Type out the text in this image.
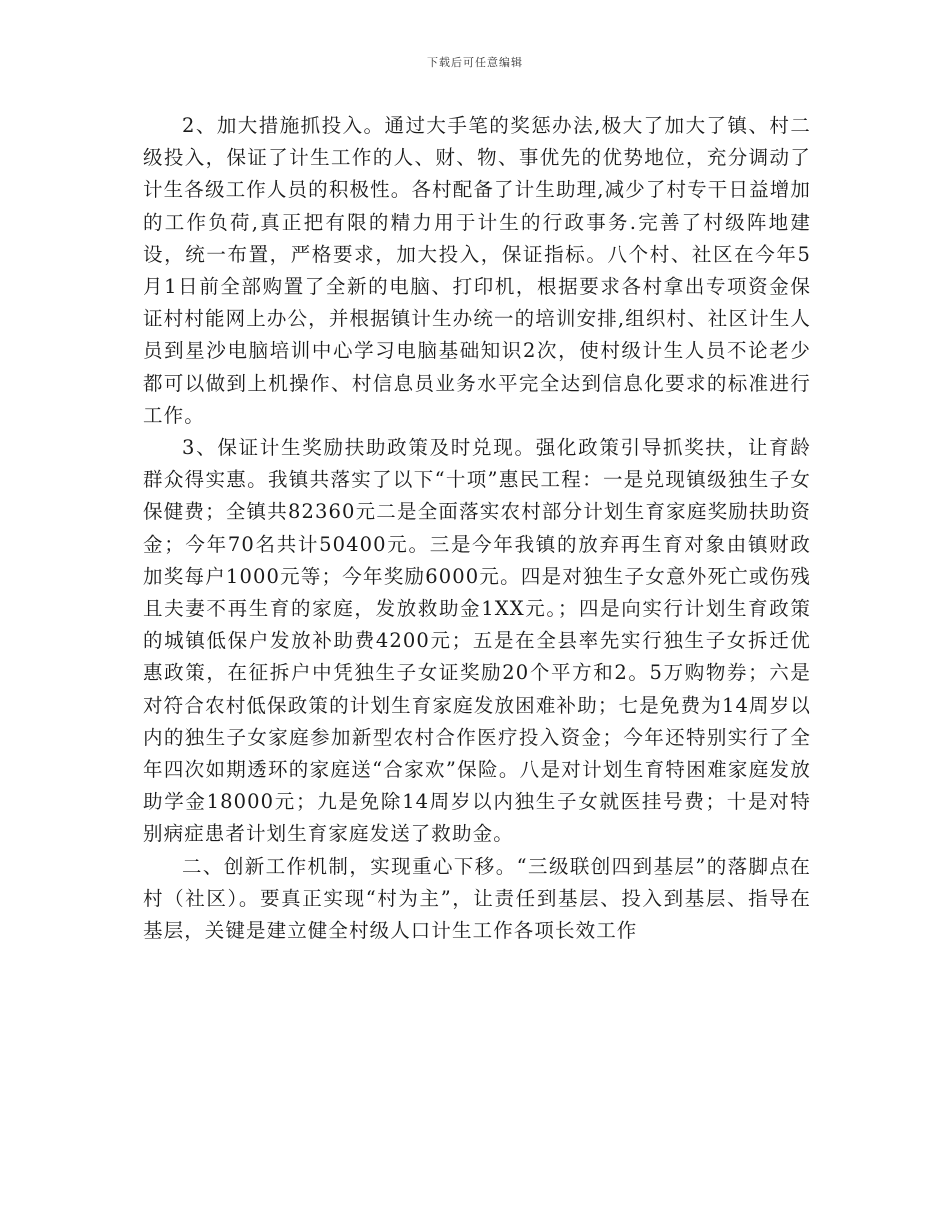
下载后可任意编辑

2、加大措施抓投入。通过大手笔的奖惩办法,极大了加大了镇、村二级投入，保证了计生工作的人、财、物、事优先的优势地位，充分调动了计生各级工作人员的积极性。各村配备了计生助理,减少了村专干日益增加的工作负荷,真正把有限的精力用于计生的行政事务.完善了村级阵地建设，统一布置，严格要求，加大投入，保证指标。八个村、社区在今年5月1日前全部购置了全新的电脑、打印机，根据要求各村拿出专项资金保证村村能网上办公，并根据镇计生办统一的培训安排,组织村、社区计生人员到星沙电脑培训中心学习电脑基础知识2次，使村级计生人员不论老少都可以做到上机操作、村信息员业务水平完全达到信息化要求的标准进行工作。

3、保证计生奖励扶助政策及时兑现。强化政策引导抓奖扶，让育龄群众得实惠。我镇共落实了以下“十项”惠民工程：一是兑现镇级独生子女保健费；全镇共82360元二是全面落实农村部分计划生育家庭奖励扶助资金；今年70名共计50400元。三是今年我镇的放弃再生育对象由镇财政加奖每户1000元等；今年奖励6000元。四是对独生子女意外死亡或伤残且夫妻不再生育的家庭，发放救助金1XX元。；四是向实行计划生育政策的城镇低保户发放补助费4200元；五是在全县率先实行独生子女拆迁优惠政策，在征拆户中凭独生子女证奖励20个平方和2。5万购物券；六是对符合农村低保政策的计划生育家庭发放困难补助；七是免费为14周岁以内的独生子女家庭参加新型农村合作医疗投入资金；今年还特别实行了全年四次如期透环的家庭送“合家欢”保险。八是对计划生育特困难家庭发放助学金18000元；九是免除14周岁以内独生子女就医挂号费；十是对特别病症患者计划生育家庭发送了救助金。

二、创新工作机制，实现重心下移。“三级联创四到基层”的落脚点在村（社区）。要真正实现“村为主”，让责任到基层、投入到基层、指导在基层，关键是建立健全村级人口计生工作各项长效工作
